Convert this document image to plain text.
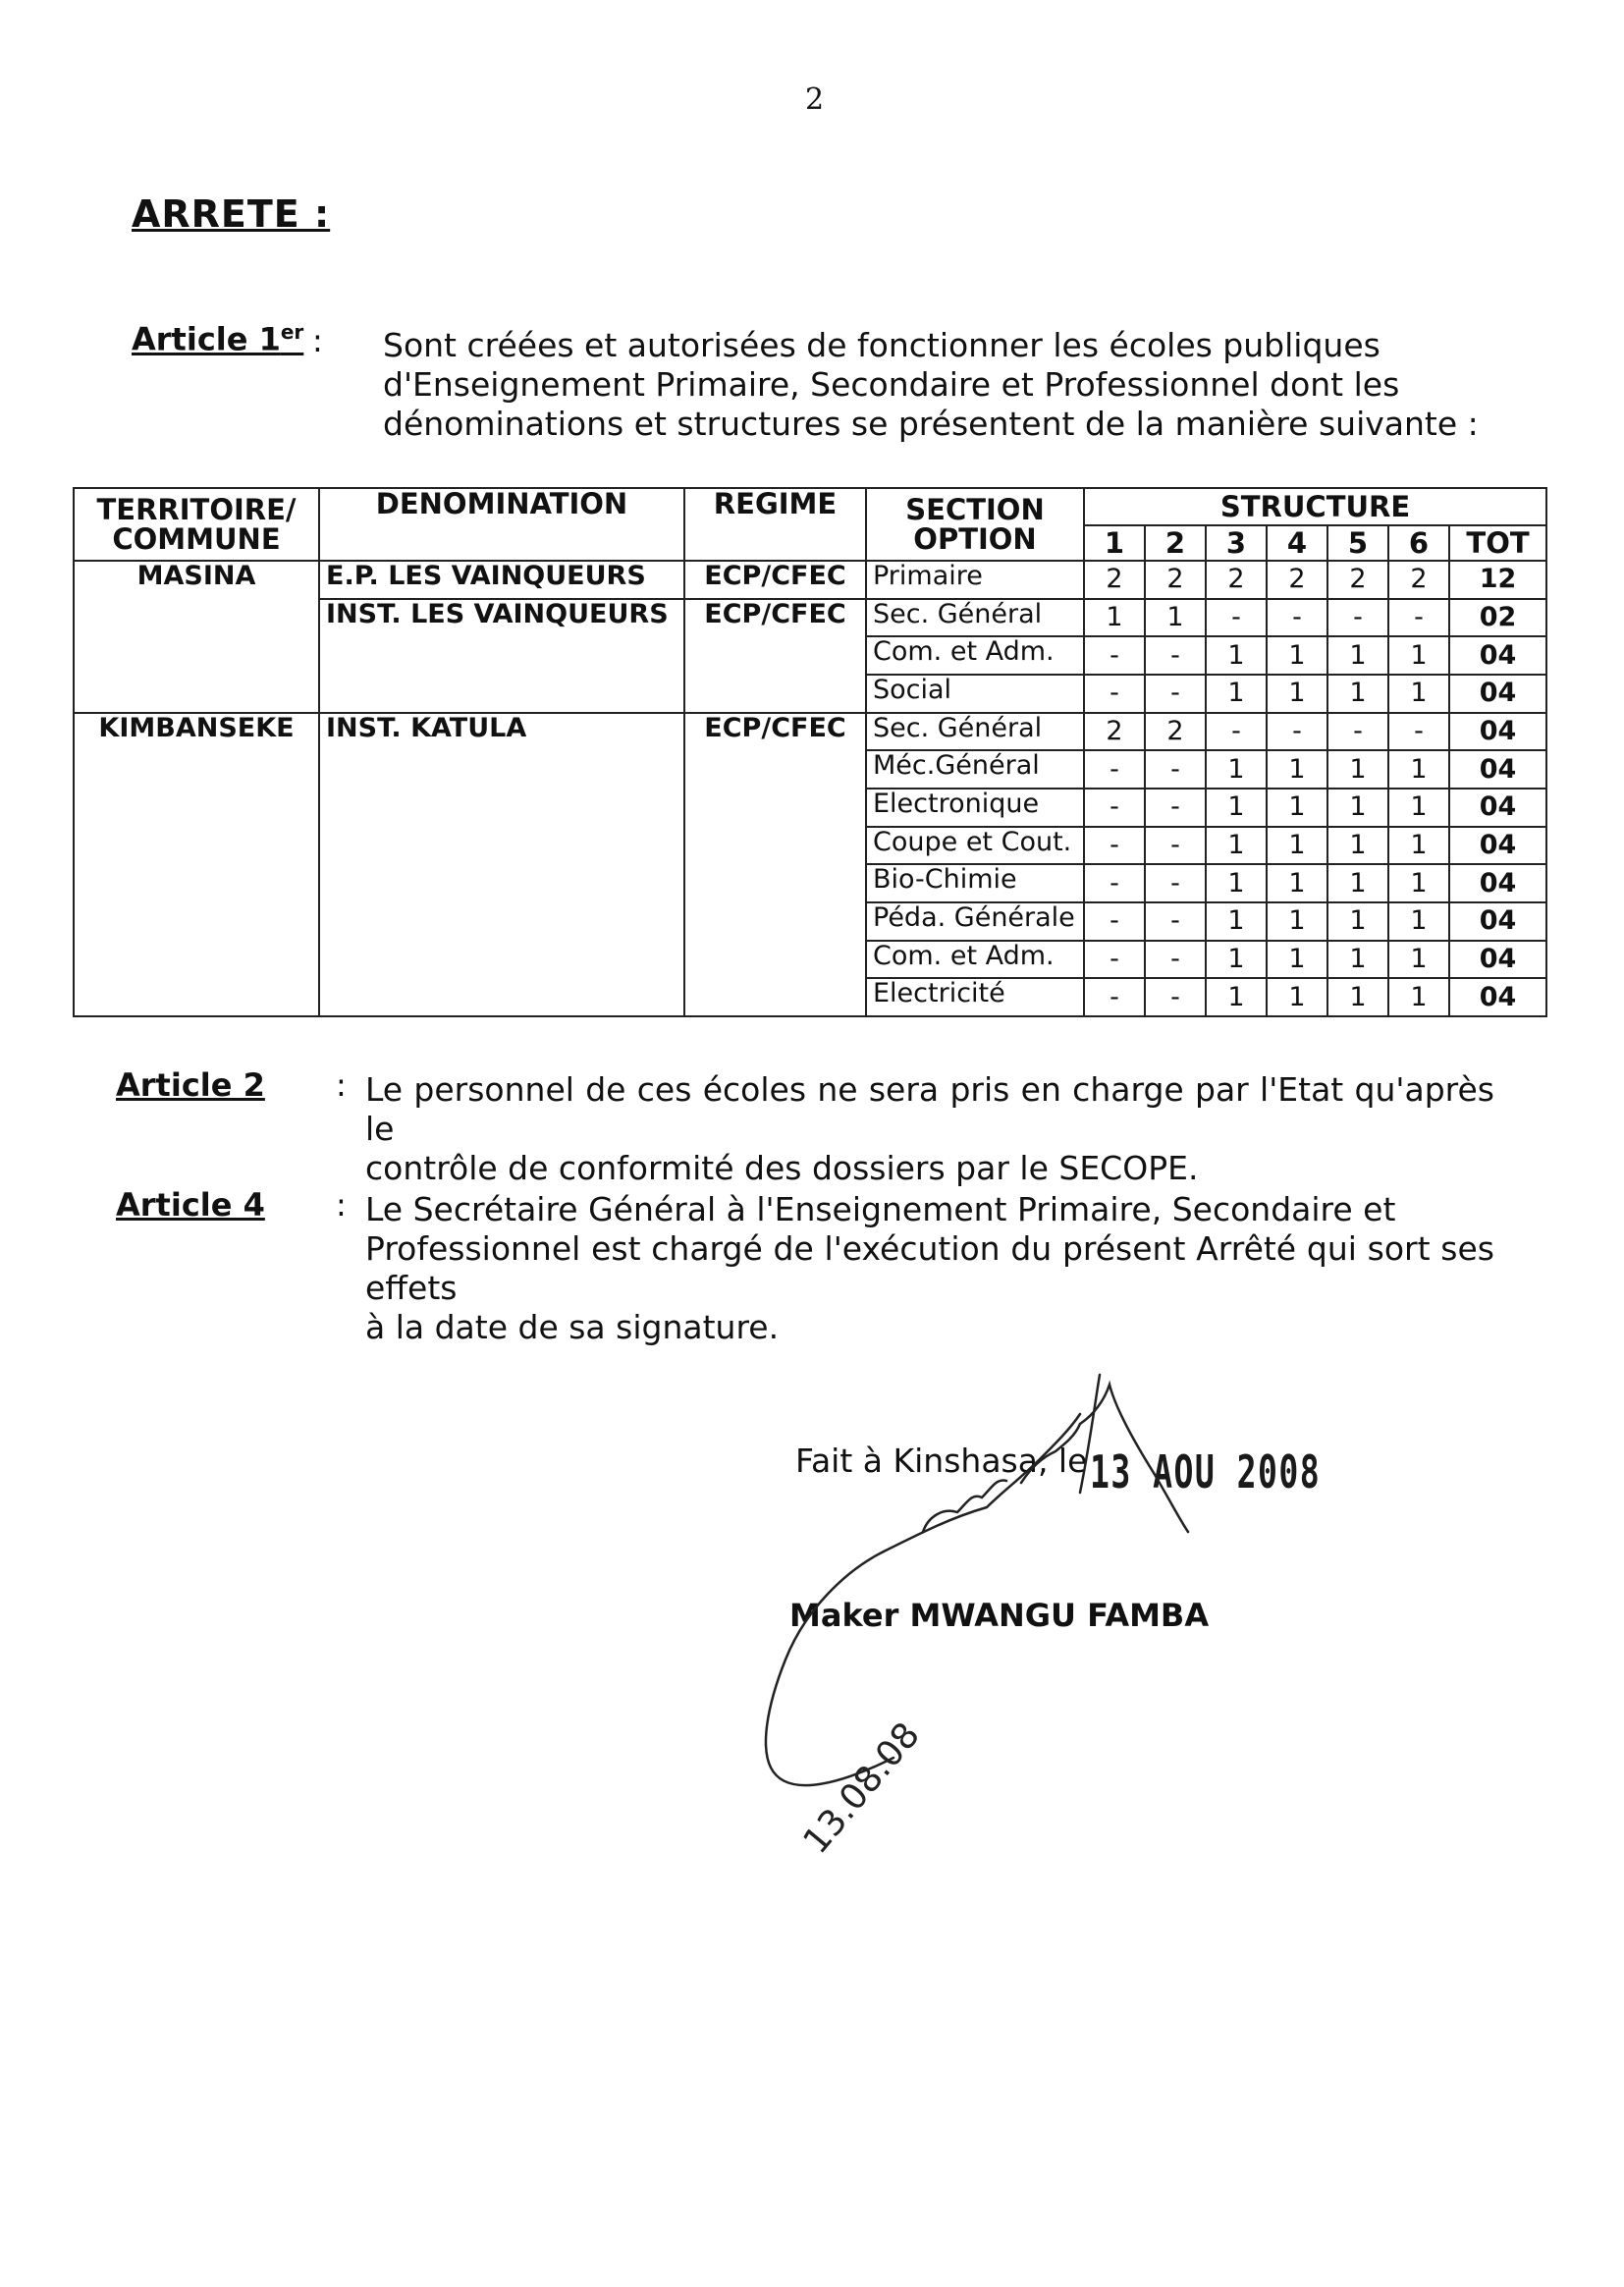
2
ARRETE :
Article 1er : Sont créées et autorisées de fonctionner les écoles publiques
d'Enseignement Primaire, Secondaire et Professionnel dont les
dénominations et structures se présentent de la manière suivante :
TERRITOIRE/ COMMUNE	DENOMINATION	REGIME	SECTION OPTION	STRUCTURE						
				1	2	3	4	5	6	TOT
MASINA	E.P. LES VAINQUEURS	ECP/CFEC	Primaire	2	2	2	2	2	2	12
	INST. LES VAINQUEURS	ECP/CFEC	Sec. Général	1	1	-	-	-	-	02
			Com. et Adm.	-	-	1	1	1	1	04
			Social	-	-	1	1	1	1	04
KIMBANSEKE	INST. KATULA	ECP/CFEC	Sec. Général	2	2	-	-	-	-	04
			Méc.Général	-	-	1	1	1	1	04
			Electronique	-	-	1	1	1	1	04
			Coupe et Cout.	-	-	1	1	1	1	04
			Bio-Chimie	-	-	1	1	1	1	04
			Péda. Générale	-	-	1	1	1	1	04
			Com. et Adm.	-	-	1	1	1	1	04
			Electricité	-	-	1	1	1	1	04
Article 2 : Le personnel de ces écoles ne sera pris en charge par l'Etat qu'après le
contrôle de conformité des dossiers par le SECOPE.
Article 4 : Le Secrétaire Général à l'Enseignement Primaire, Secondaire et
Professionnel est chargé de l'exécution du présent Arrêté qui sort ses effets
à la date de sa signature.
Fait à Kinshasa, le 13 AOU 2008
Maker MWANGU FAMBA
13.08.08
